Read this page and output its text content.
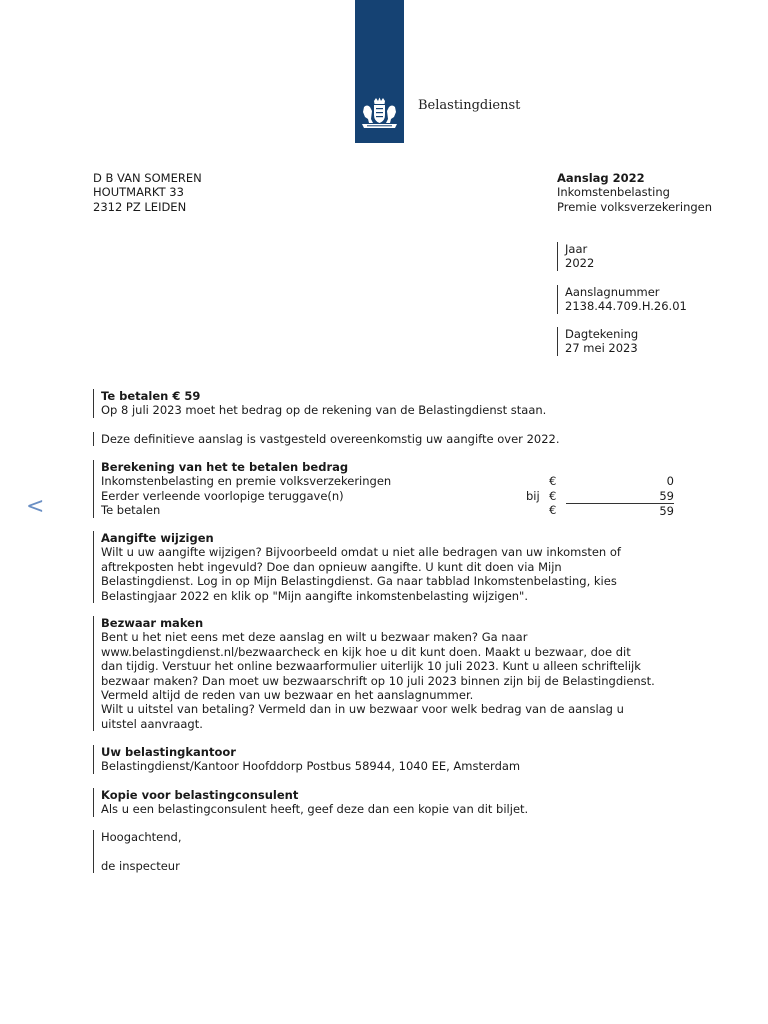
Belastingdienst
D B VAN SOMEREN
HOUTMARKT 33
2312 PZ LEIDEN
Aanslag 2022
Inkomstenbelasting
Premie volksverzekeringen
Jaar
2022
Aanslagnummer
2138.44.709.H.26.01
Dagtekening
27 mei 2023
<
Te betalen € 59
Op 8 juli 2023 moet het bedrag op de rekening van de Belastingdienst staan.
Deze definitieve aanslag is vastgesteld overeenkomstig uw aangifte over 2022.
Berekening van het te betalen bedrag
Inkomstenbelasting en premie volksverzekeringen	€	0
Eerder verleende voorlopige teruggave(n)	bij €	59
Te betalen	€	59
Aangifte wijzigen
Wilt u uw aangifte wijzigen? Bijvoorbeeld omdat u niet alle bedragen van uw inkomsten of
aftrekposten hebt ingevuld? Doe dan opnieuw aangifte. U kunt dit doen via Mijn
Belastingdienst. Log in op Mijn Belastingdienst. Ga naar tabblad Inkomstenbelasting, kies
Belastingjaar 2022 en klik op "Mijn aangifte inkomstenbelasting wijzigen".
Bezwaar maken
Bent u het niet eens met deze aanslag en wilt u bezwaar maken? Ga naar
www.belastingdienst.nl/bezwaarcheck en kijk hoe u dit kunt doen. Maakt u bezwaar, doe dit
dan tijdig. Verstuur het online bezwaarformulier uiterlijk 10 juli 2023. Kunt u alleen schriftelijk
bezwaar maken? Dan moet uw bezwaarschrift op 10 juli 2023 binnen zijn bij de Belastingdienst.
Vermeld altijd de reden van uw bezwaar en het aanslagnummer.
Wilt u uitstel van betaling? Vermeld dan in uw bezwaar voor welk bedrag van de aanslag u
uitstel aanvraagt.
Uw belastingkantoor
Belastingdienst/Kantoor Hoofddorp Postbus 58944, 1040 EE, Amsterdam
Kopie voor belastingconsulent
Als u een belastingconsulent heeft, geef deze dan een kopie van dit biljet.
Hoogachtend,
de inspecteur
